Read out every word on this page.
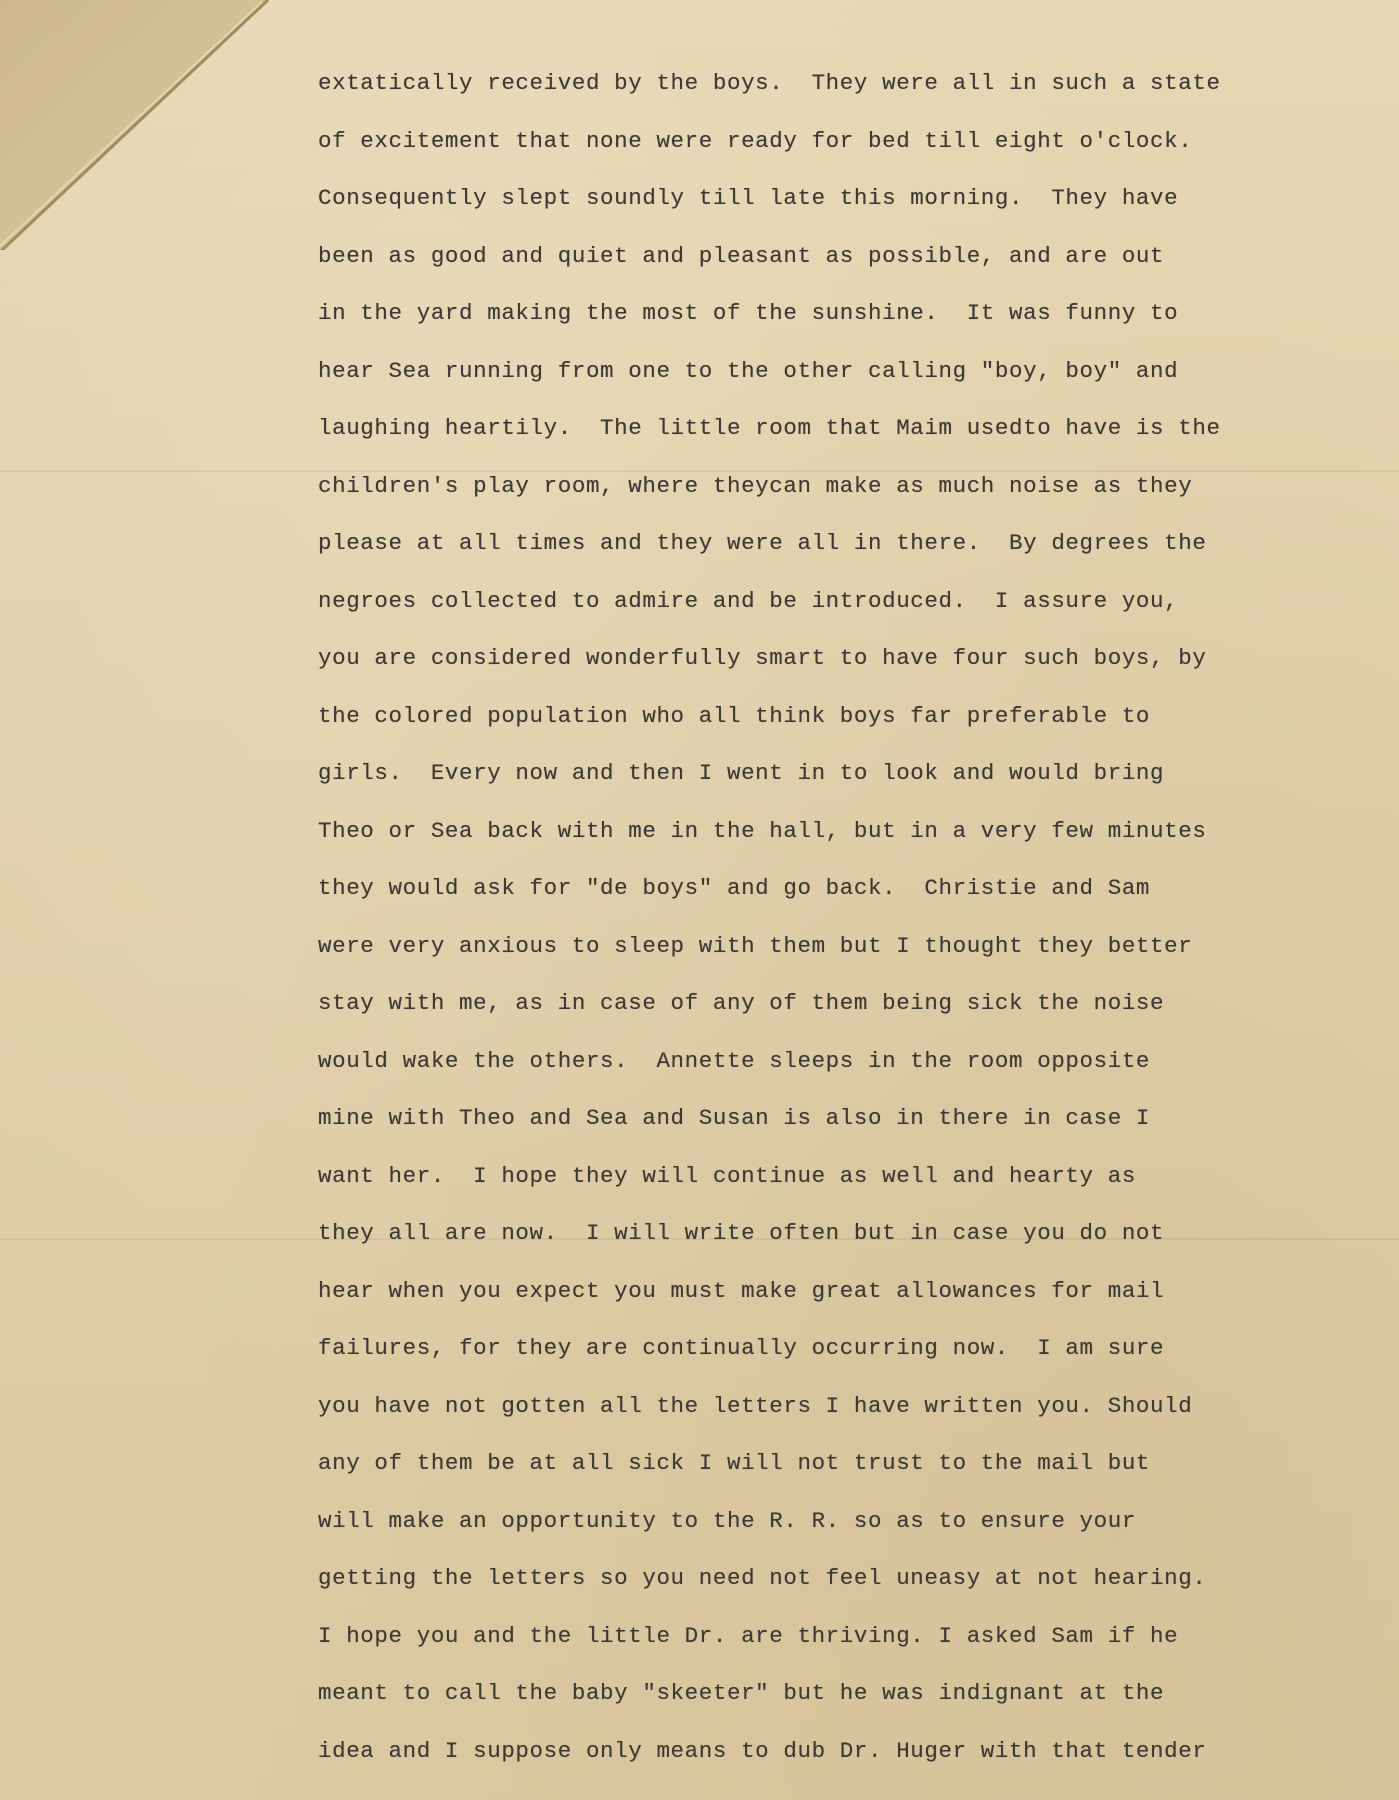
extatically received by the boys.  They were all in such a state
of excitement that none were ready for bed till eight o'clock.
Consequently slept soundly till late this morning.  They have
been as good and quiet and pleasant as possible, and are out
in the yard making the most of the sunshine.  It was funny to
hear Sea running from one to the other calling "boy, boy" and
laughing heartily.  The little room that Maim usedto have is the
children's play room, where theycan make as much noise as they
please at all times and they were all in there.  By degrees the
negroes collected to admire and be introduced.  I assure you,
you are considered wonderfully smart to have four such boys, by
the colored population who all think boys far preferable to
girls.  Every now and then I went in to look and would bring
Theo or Sea back with me in the hall, but in a very few minutes
they would ask for "de boys" and go back.  Christie and Sam
were very anxious to sleep with them but I thought they better
stay with me, as in case of any of them being sick the noise
would wake the others.  Annette sleeps in the room opposite
mine with Theo and Sea and Susan is also in there in case I
want her.  I hope they will continue as well and hearty as
they all are now.  I will write often but in case you do not
hear when you expect you must make great allowances for mail
failures, for they are continually occurring now.  I am sure
you have not gotten all the letters I have written you. Should
any of them be at all sick I will not trust to the mail but
will make an opportunity to the R. R. so as to ensure your
getting the letters so you need not feel uneasy at not hearing.
I hope you and the little Dr. are thriving. I asked Sam if he
meant to call the baby "skeeter" but he was indignant at the
idea and I suppose only means to dub Dr. Huger with that tender
